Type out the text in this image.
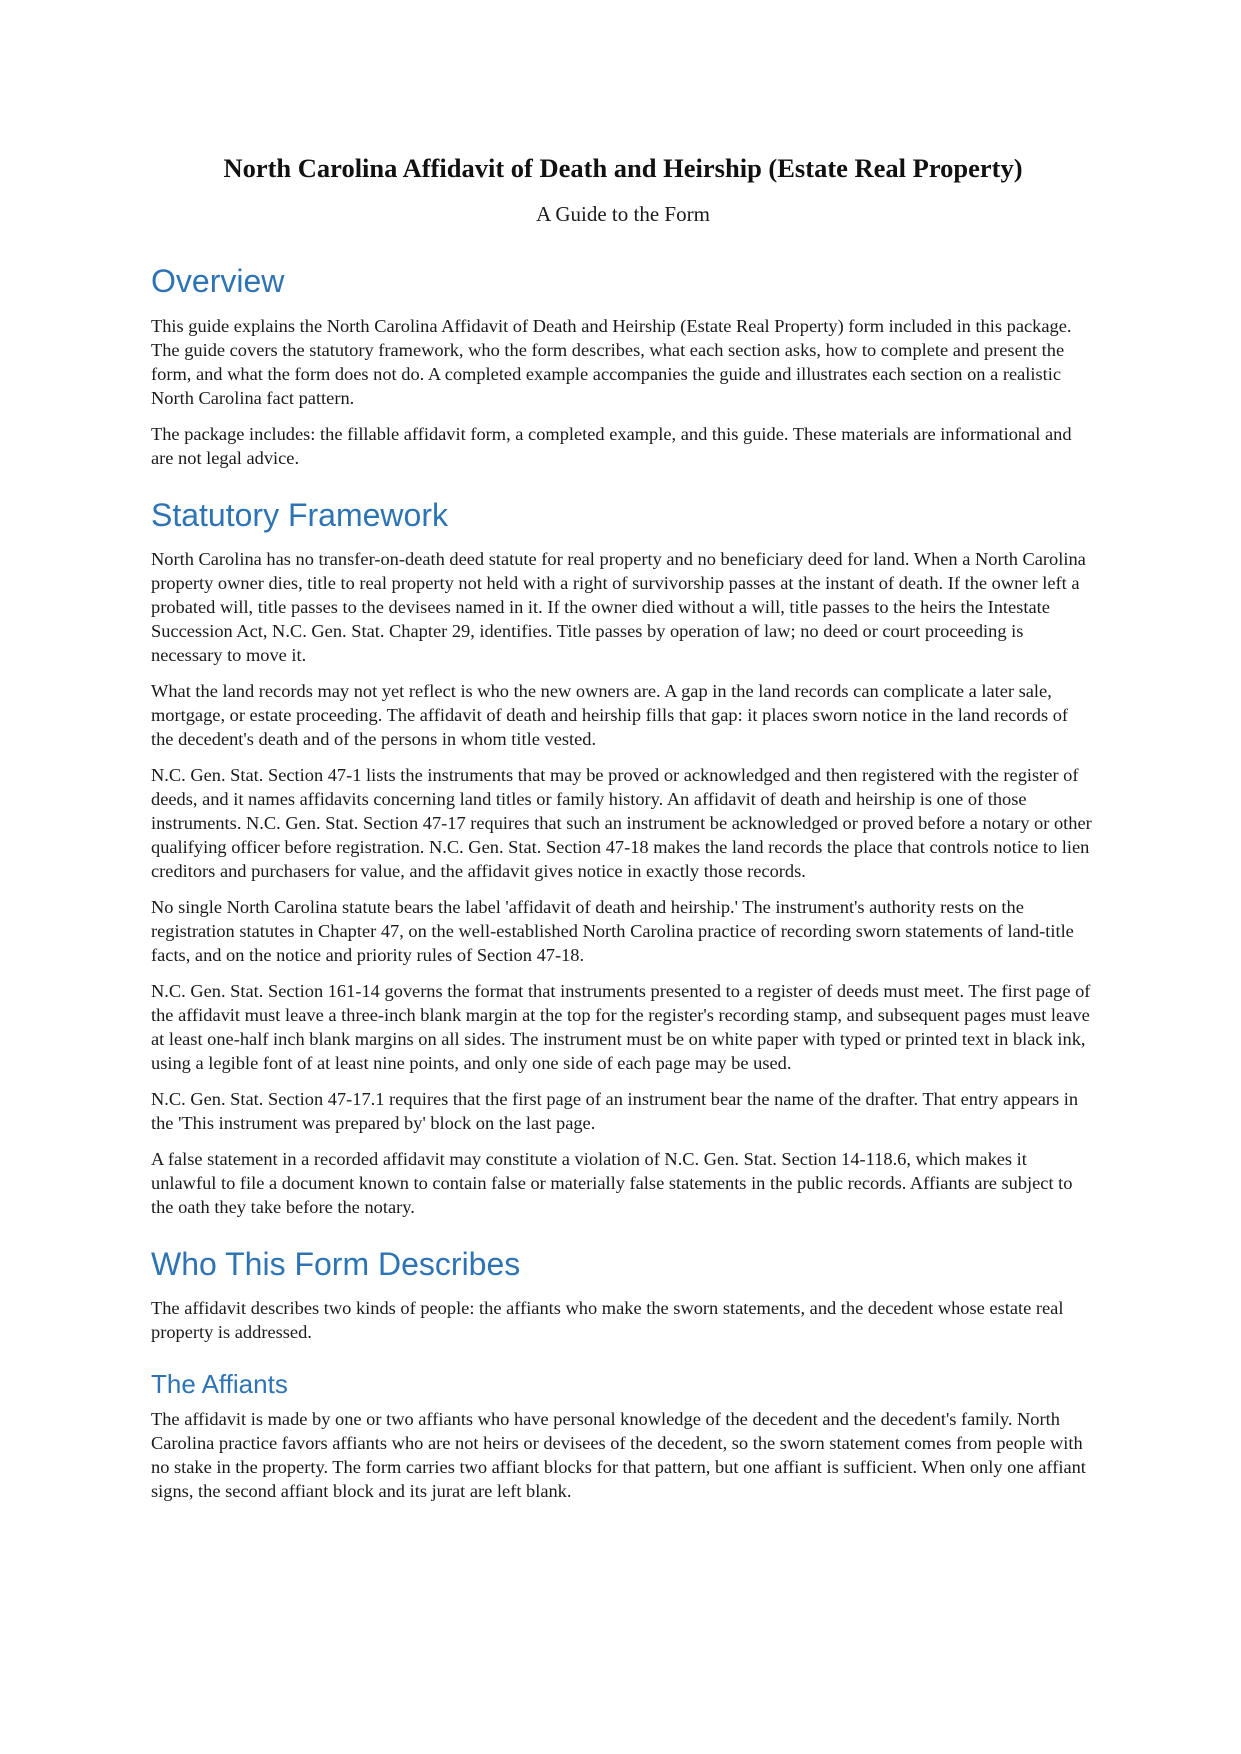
North Carolina Affidavit of Death and Heirship (Estate Real Property)

A Guide to the Form

Overview

This guide explains the North Carolina Affidavit of Death and Heirship (Estate Real Property) form included in this package. The guide covers the statutory framework, who the form describes, what each section asks, how to complete and present the form, and what the form does not do. A completed example accompanies the guide and illustrates each section on a realistic North Carolina fact pattern.

The package includes: the fillable affidavit form, a completed example, and this guide. These materials are informational and are not legal advice.

Statutory Framework

North Carolina has no transfer-on-death deed statute for real property and no beneficiary deed for land. When a North Carolina property owner dies, title to real property not held with a right of survivorship passes at the instant of death. If the owner left a probated will, title passes to the devisees named in it. If the owner died without a will, title passes to the heirs the Intestate Succession Act, N.C. Gen. Stat. Chapter 29, identifies. Title passes by operation of law; no deed or court proceeding is necessary to move it.

What the land records may not yet reflect is who the new owners are. A gap in the land records can complicate a later sale, mortgage, or estate proceeding. The affidavit of death and heirship fills that gap: it places sworn notice in the land records of the decedent's death and of the persons in whom title vested.

N.C. Gen. Stat. Section 47-1 lists the instruments that may be proved or acknowledged and then registered with the register of deeds, and it names affidavits concerning land titles or family history. An affidavit of death and heirship is one of those instruments. N.C. Gen. Stat. Section 47-17 requires that such an instrument be acknowledged or proved before a notary or other qualifying officer before registration. N.C. Gen. Stat. Section 47-18 makes the land records the place that controls notice to lien creditors and purchasers for value, and the affidavit gives notice in exactly those records.

No single North Carolina statute bears the label 'affidavit of death and heirship.' The instrument's authority rests on the registration statutes in Chapter 47, on the well-established North Carolina practice of recording sworn statements of land-title facts, and on the notice and priority rules of Section 47-18.

N.C. Gen. Stat. Section 161-14 governs the format that instruments presented to a register of deeds must meet. The first page of the affidavit must leave a three-inch blank margin at the top for the register's recording stamp, and subsequent pages must leave at least one-half inch blank margins on all sides. The instrument must be on white paper with typed or printed text in black ink, using a legible font of at least nine points, and only one side of each page may be used.

N.C. Gen. Stat. Section 47-17.1 requires that the first page of an instrument bear the name of the drafter. That entry appears in the 'This instrument was prepared by' block on the last page.

A false statement in a recorded affidavit may constitute a violation of N.C. Gen. Stat. Section 14-118.6, which makes it unlawful to file a document known to contain false or materially false statements in the public records. Affiants are subject to the oath they take before the notary.

Who This Form Describes

The affidavit describes two kinds of people: the affiants who make the sworn statements, and the decedent whose estate real property is addressed.

The Affiants

The affidavit is made by one or two affiants who have personal knowledge of the decedent and the decedent's family. North Carolina practice favors affiants who are not heirs or devisees of the decedent, so the sworn statement comes from people with no stake in the property. The form carries two affiant blocks for that pattern, but one affiant is sufficient. When only one affiant signs, the second affiant block and its jurat are left blank.
